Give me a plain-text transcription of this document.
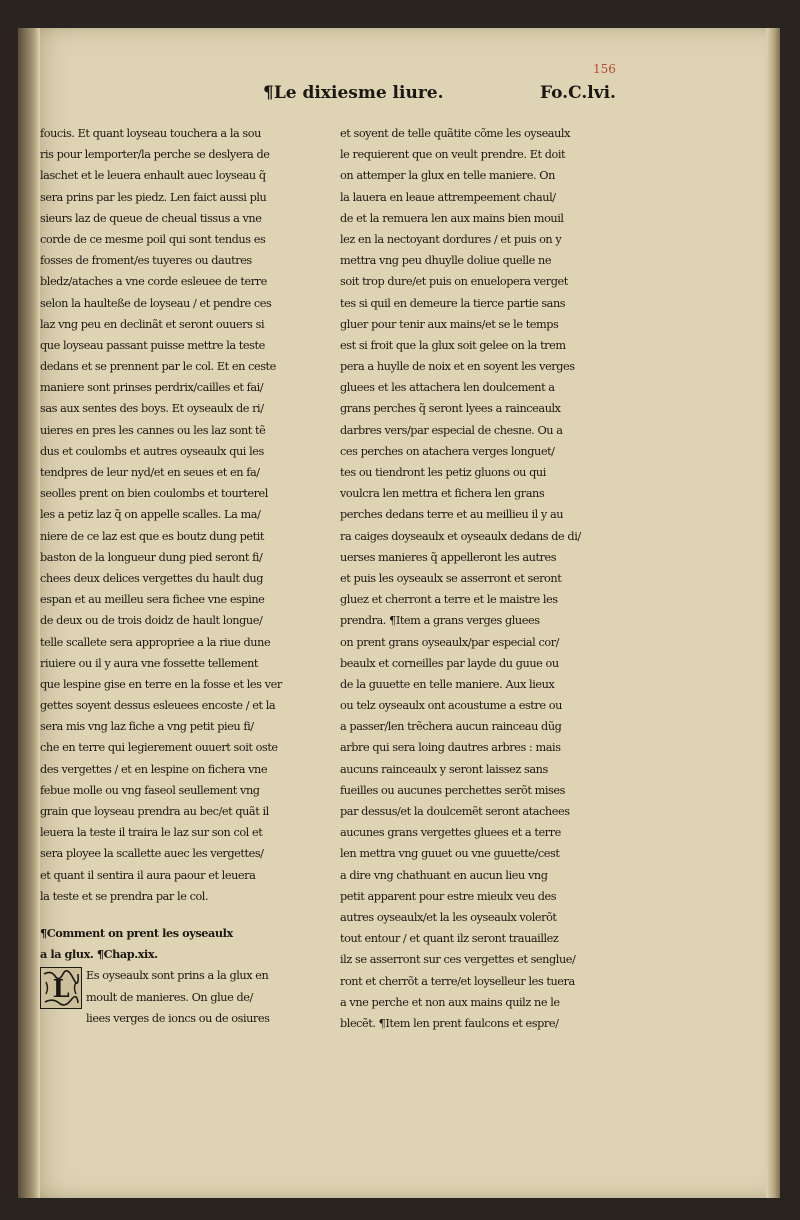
156
¶Le dixiesme liure.	Fo.C.lvi.
foucis. Et quant loyseau touchera a la sou
ris pour lemporter/la perche se deslyera de
laschet et le leuera enhault auec loyseau q̃
sera prins par les piedz. Len faict aussi plu
sieurs laz de queue de cheual tissus a vne
corde de ce mesme poil qui sont tendus es
fosses de froment/es tuyeres ou dautres
bledz/ataches a vne corde esleuee de terre
selon la haulteße de loyseau / et pendre ces
laz vng peu en declinãt et seront ouuers si
que loyseau passant puisse mettre la teste
dedans et se prennent par le col. Et en ceste
maniere sont prinses perdrix/cailles et fai/
sas aux sentes des boys. Et oyseaulx de ri/
uieres en pres les cannes ou les laz sont tẽ
dus et coulombs et autres oyseaulx qui les
tendpres de leur nyd/et en seues et en fa/
seolles prent on bien coulombs et tourterel
les a petiz laz q̃ on appelle scalles. La ma/
niere de ce laz est que es boutz dung petit
baston de la longueur dung pied seront fi/
chees deux delices vergettes du hault dug
espan et au meilleu sera fichee vne espine
de deux ou de trois doidz de hault longue/
telle scallete sera appropriee a la riue dune
riuiere ou il y aura vne fossette tellement
que lespine gise en terre en la fosse et les ver
gettes soyent dessus esleuees encoste / et la
sera mis vng laz fiche a vng petit pieu fi/
che en terre qui legierement ouuert soit oste
des vergettes / et en lespine on fichera vne
febue molle ou vng faseol seullement vng
grain que loyseau prendra au bec/et quãt il
leuera la teste il traira le laz sur son col et
sera ployee la scallette auec les vergettes/
et quant il sentira il aura paour et leuera
la teste et se prendra par le col.
¶Comment on prent les oyseaulx
a la glux. ¶Chap.xix.
L	Es oyseaulx sont prins a la glux en
moult de manieres. On glue de/
liees verges de ioncs ou de osiures
et soyent de telle quãtite cõme les oyseaulx
le requierent que on veult prendre. Et doit
on attemper la glux en telle maniere. On
la lauera en leaue attrempeement chaul/
de et la remuera len aux mains bien mouil
lez en la nectoyant dordures / et puis on y
mettra vng peu dhuylle doliue quelle ne
soit trop dure/et puis on enuelopera verget
tes si quil en demeure la tierce partie sans
gluer pour tenir aux mains/et se le temps
est si froit que la glux soit gelee on la trem
pera a huylle de noix et en soyent les verges
gluees et les attachera len doulcement a
grans perches q̃ seront lyees a rainceaulx
darbres vers/par especial de chesne. Ou a
ces perches on atachera verges longuet/
tes ou tiendront les petiz gluons ou qui
voulcra len mettra et fichera len grans
perches dedans terre et au meillieu il y au
ra caiges doyseaulx et oyseaulx dedans de di/
uerses manieres q̃ appelleront les autres
et puis les oyseaulx se asserront et seront
gluez et cherront a terre et le maistre les
prendra. ¶Item a grans verges gluees
on prent grans oyseaulx/par especial cor/
beaulx et corneilles par layde du guue ou
de la guuette en telle maniere. Aux lieux
ou telz oyseaulx ont acoustume a estre ou
a passer/len trẽchera aucun rainceau dũg
arbre qui sera loing dautres arbres : mais
aucuns rainceaulx y seront laissez sans
fueilles ou aucunes perchettes serõt mises
par dessus/et la doulcemẽt seront atachees
aucunes grans vergettes gluees et a terre
len mettra vng guuet ou vne guuette/cest
a dire vng chathuant en aucun lieu vng
petit apparent pour estre mieulx veu des
autres oyseaulx/et la les oyseaulx volerõt
tout entour / et quant ilz seront trauaillez
ilz se asserront sur ces vergettes et senglue/
ront et cherrõt a terre/et loyselleur les tuera
a vne perche et non aux mains quilz ne le
blecẽt. ¶Item len prent faulcons et espre/
